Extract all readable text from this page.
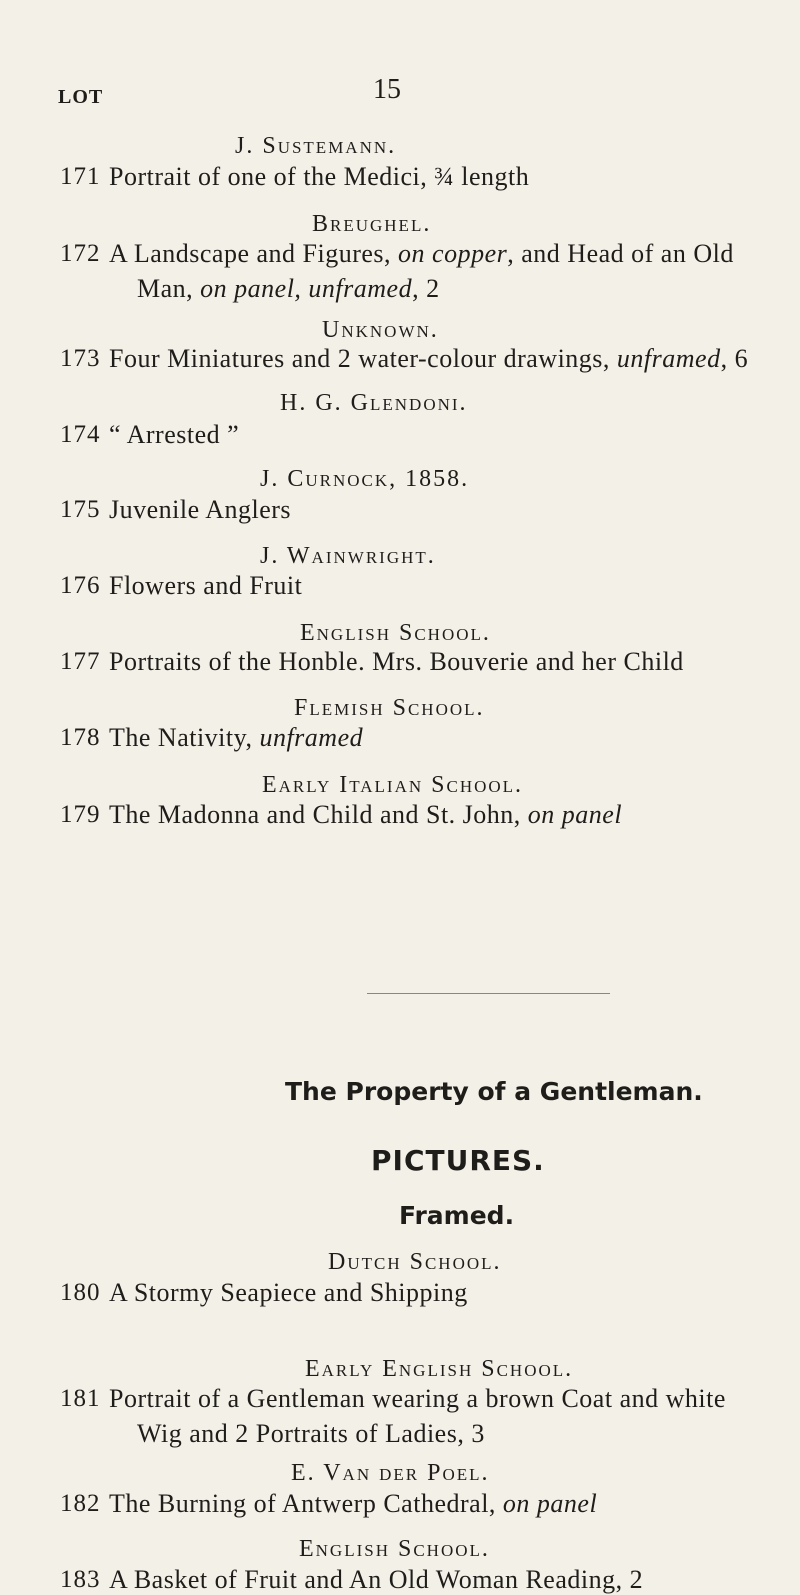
LOT	15
J. Sustemann.
171 Portrait of one of the Medici, ¾ length
Breughel.
172 A Landscape and Figures, on copper, and Head of an Old
Man, on panel, unframed, 2
Unknown.
173 Four Miniatures and 2 water-colour drawings, unframed, 6
H. G. Glendoni.
174 “ Arrested ”
J. Curnock, 1858.
175 Juvenile Anglers
J. Wainwright.
176 Flowers and Fruit
English School.
177 Portraits of the Honble. Mrs. Bouverie and her Child
Flemish School.
178 The Nativity, unframed
Early Italian School.
179 The Madonna and Child and St. John, on panel
The Property of a Gentleman.
PICTURES.
Framed.
Dutch School.
180 A Stormy Seapiece and Shipping
Early English School.
181 Portrait of a Gentleman wearing a brown Coat and white
Wig and 2 Portraits of Ladies, 3
E. Van der Poel.
182 The Burning of Antwerp Cathedral, on panel
English School.
183 A Basket of Fruit and An Old Woman Reading, 2
